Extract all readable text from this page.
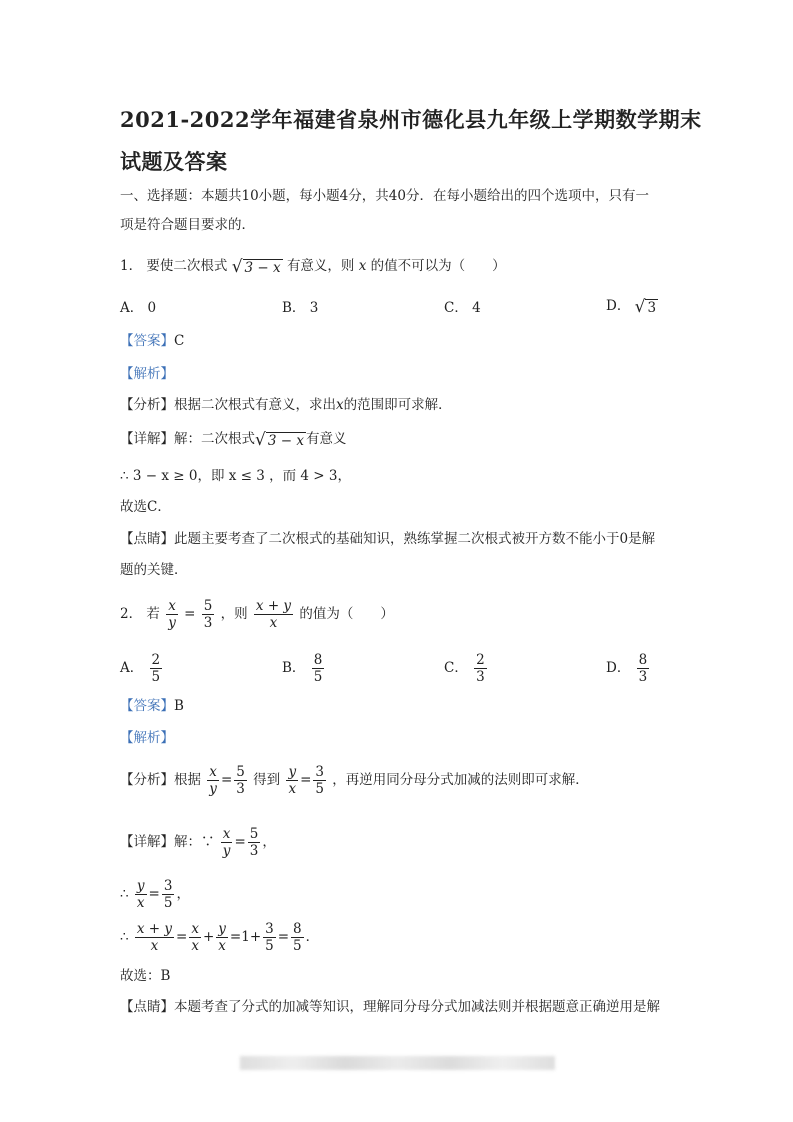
2021-2022学年福建省泉州市德化县九年级上学期数学期末
试题及答案
一、选择题：本题共10小题，每小题4分，共40分．在每小题给出的四个选项中，只有一
项是符合题目要求的．
1． 要使二次根式 √ 3 − x 有意义，则 x 的值不可以为（　　）
A． 0	B． 3	C． 4	D． √ 3
【答案】C
【解析】
【分析】根据二次根式有意义，求出x的范围即可求解．
【详解】解：二次根式 √ 3 − x 有意义
∴ 3 − x ≥ 0，即 x ≤ 3 ，而 4 > 3，
故选C．
【点睛】此题主要考查了二次根式的基础知识，熟练掌握二次根式被开方数不能小于0是解
题的关键．
2． 若 $\frac{x}{y} = \frac{5}{3}$ ，则 $\frac{x + y}{x}$ 的值为（　　）
A． $\frac{2}{5}$	B． $\frac{8}{5}$	C． $\frac{2}{3}$	D． $\frac{8}{3}$
【答案】B
【解析】
【分析】根据 $\frac{x}{y} = \frac{5}{3}$ 得到 $\frac{y}{x} = \frac{3}{5}$ ，再逆用同分母分式加减的法则即可求解．
【详解】解：∵ $\frac{x}{y} = \frac{5}{3}$ ，
∴ $\frac{y}{x} = \frac{3}{5}$ ，
∴ $\frac{x + y}{x} = \frac{x}{x} + \frac{y}{x} =1+ \frac{3}{5} = \frac{8}{5}$ ．
故选：B
【点睛】本题考查了分式的加减等知识，理解同分母分式加减法则并根据题意正确逆用是解
